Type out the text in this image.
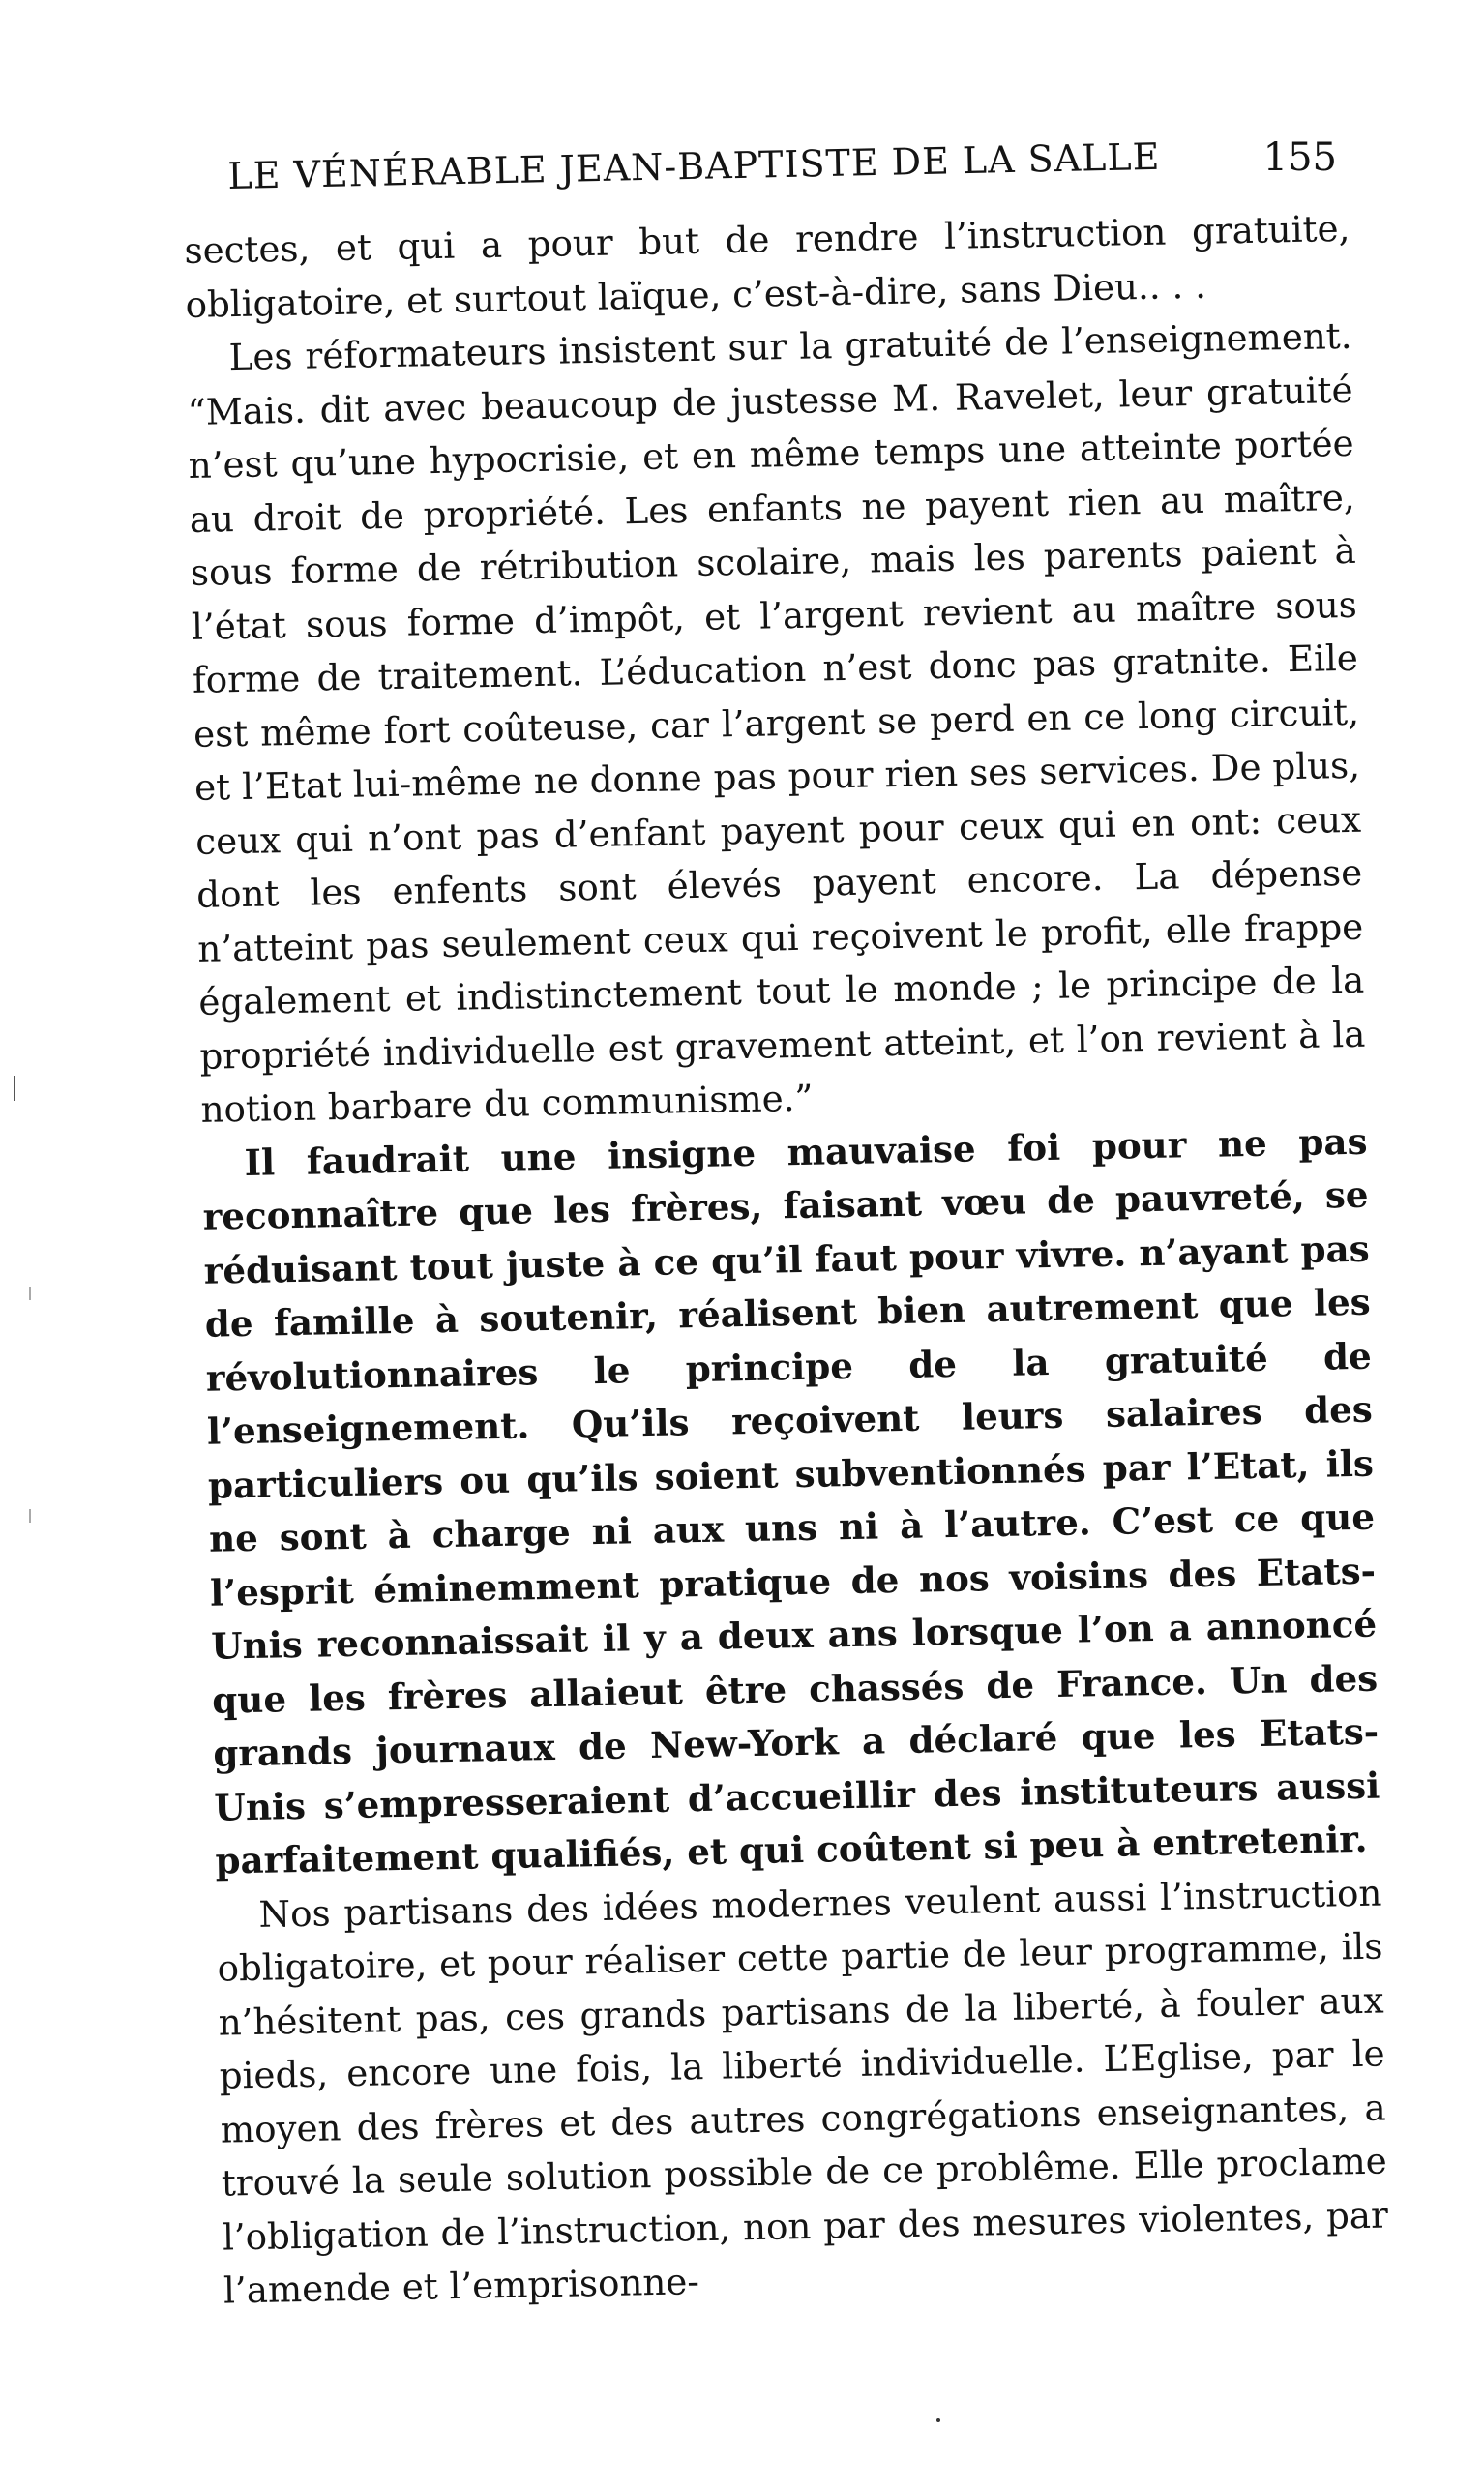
LE VÉNÉRABLE JEAN-BAPTISTE DE LA SALLE	155

sectes, et qui a pour but de rendre l’instruction gratuite, obligatoire, et surtout laïque, c’est-à-dire, sans Dieu.. . .

Les réformateurs insistent sur la gratuité de l’enseignement. “Mais. dit avec beaucoup de justesse M. Ravelet, leur gratuité n’est qu’une hypocrisie, et en même temps une atteinte portée au droit de propriété. Les enfants ne payent rien au maître, sous forme de rétribution scolaire, mais les parents paient à l’état sous forme d’impôt, et l’argent revient au maître sous forme de traitement. L’éducation n’est donc pas gratnite. Eile est même fort coûteuse, car l’argent se perd en ce long circuit, et l’Etat lui-même ne donne pas pour rien ses services. De plus, ceux qui n’ont pas d’enfant payent pour ceux qui en ont: ceux dont les enfents sont élevés payent encore. La dépense n’atteint pas seulement ceux qui reçoivent le profit, elle frappe également et indistinctement tout le monde ; le principe de la propriété individuelle est gravement atteint, et l’on revient à la notion barbare du communisme.”

Il faudrait une insigne mauvaise foi pour ne pas reconnaître que les frères, faisant vœu de pauvreté, se réduisant tout juste à ce qu’il faut pour vivre. n’ayant pas de famille à soutenir, réalisent bien autrement que les révolutionnaires le principe de la gratuité de l’enseignement. Qu’ils reçoivent leurs salaires des particuliers ou qu’ils soient subventionnés par l’Etat, ils ne sont à charge ni aux uns ni à l’autre. C’est ce que l’esprit éminemment pratique de nos voisins des Etats-Unis reconnaissait il y a deux ans lorsque l’on a annoncé que les frères allaieut être chassés de France. Un des grands journaux de New-York a déclaré que les Etats-Unis s’empresseraient d’accueillir des instituteurs aussi parfaitement qualifiés, et qui coûtent si peu à entretenir.

Nos partisans des idées modernes veulent aussi l’instruction obligatoire, et pour réaliser cette partie de leur programme, ils n’hésitent pas, ces grands partisans de la liberté, à fouler aux pieds, encore une fois, la liberté individuelle. L’Eglise, par le moyen des frères et des autres congrégations enseignantes, a trouvé la seule solution possible de ce problême. Elle proclame l’obligation de l’instruction, non par des mesures violentes, par l’amende et l’emprisonne-
